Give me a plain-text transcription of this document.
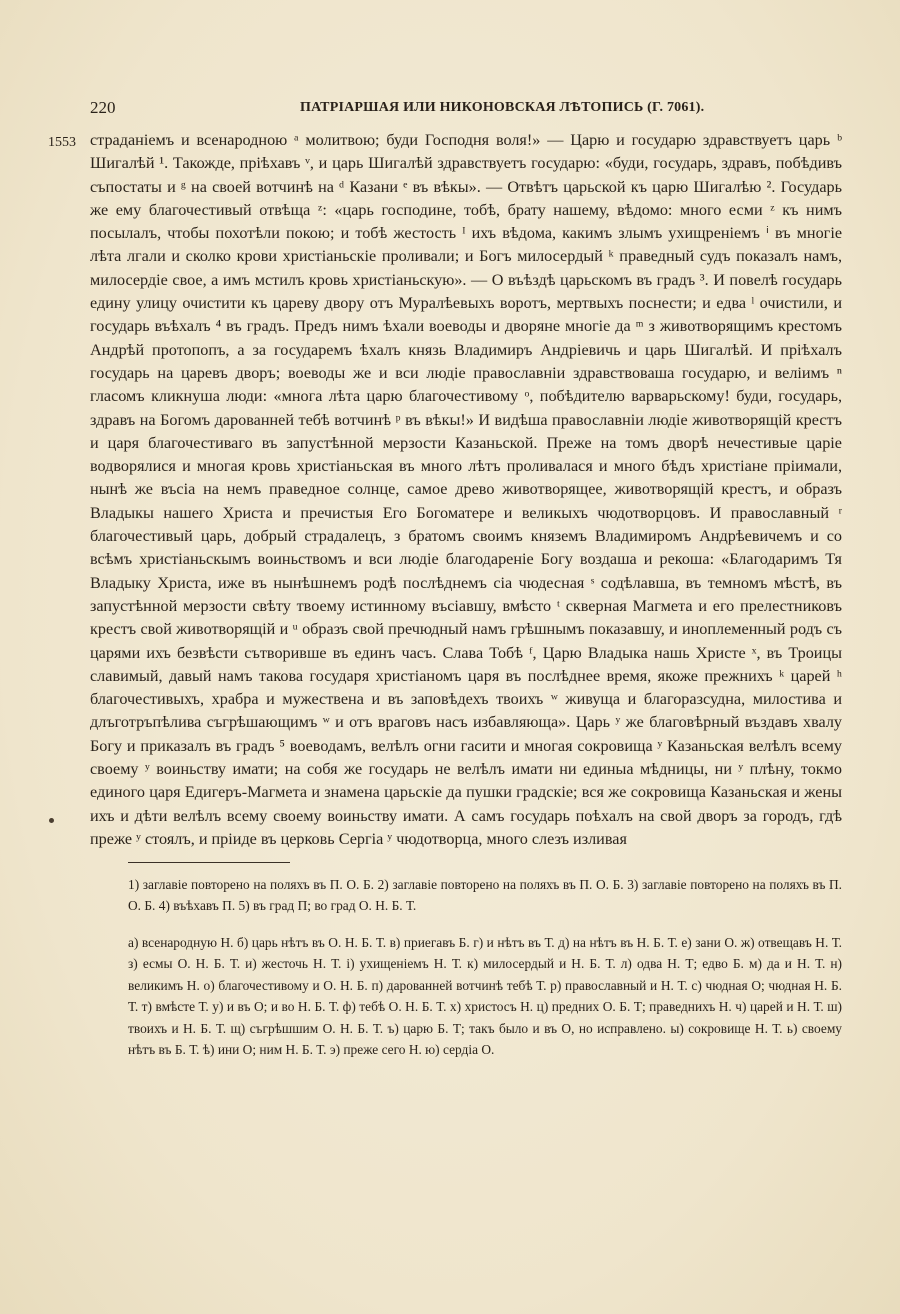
220	ПАТРІАРШАЯ ИЛИ НИКОНОВСКАЯ ЛѢТОПИСЬ (Г. 7061).
1553 страданіемъ и всенародною ᵃ молитвою; буди Господня воля!» — Царю и государю здравствуетъ царь ᵇ Шигалѣй ¹. Такожде, пріѣхавъ ᵛ, и царь Шигалѣй здравствуетъ государю: «буди, государь, здравъ, побѣдивъ съпостаты и ᵍ на своей вотчинѣ на ᵈ Казани ᵉ въ вѣкы». — Отвѣтъ царьской къ царю Шигалѣю ². Государь же ему благочестивый отвѣща ᶻ: «царь господине, тобѣ, брату нашему, вѣдомо: много есми ᶻ къ нимъ посылалъ, чтобы похотѣли покою; и тобѣ жестость ᴵ ихъ вѣдома, какимъ злымъ ухищреніемъ ⁱ въ многіе лѣта лгали и сколко крови христіаньскіе проливали; и Богъ милосердый ᵏ праведный судъ показалъ намъ, милосердіе свое, а имъ мстилъ кровь христіаньскую». — О въѣздѣ царьскомъ въ градъ ³. И повелѣ государь едину улицу очистити къ цареву двору отъ Муралѣевыхъ воротъ, мертвыхъ поснести; и едва ˡ очистили, и государь въѣхалъ ⁴ въ градъ. Предъ нимъ ѣхали воеводы и дворяне многіе да ᵐ з животворящимъ крестомъ Андрѣй протопопъ, а за государемъ ѣхалъ князь Владимиръ Андріевичь и царь Шигалѣй. И пріѣхалъ государь на царевъ дворъ; воеводы же и вси людіе православніи здравствоваша государю, и веліимъ ⁿ гласомъ кликнуша люди: «многа лѣта царю благочестивому ᵒ, побѣдителю варварьскому! буди, государь, здравъ на Богомъ дарованней тебѣ вотчинѣ ᵖ въ вѣкы!» И видѣша православніи людіе животворящій крестъ и царя благочестиваго въ запустѣнной мерзости Казаньской. Преже на томъ дворѣ нечестивые царіе водворялися и многая кровь христіаньская въ много лѣтъ проливалася и много бѣдъ христіане пріимали, нынѣ же въсіа на немъ праведное солнце, самое древо животворящее, животворящій крестъ, и образъ Владыкы нашего Христа и пречистыя Его Богоматере и великыхъ чюдотворцовъ. И православный ʳ благочестивый царь, добрый страдалецъ, з братомъ своимъ княземъ Владимиромъ Андрѣевичемъ и со всѣмъ христіаньскымъ воиньствомъ и вси людіе благодареніе Богу воздаша и рекоша: «Благодаримъ Тя Владыку Христа, иже въ нынѣшнемъ родѣ послѣднемъ сіа чюдесная ˢ содѣлавша, въ темномъ мѣстѣ, въ запустѣнной мерзости свѣту твоему истинному въсіавшу, вмѣсто ᵗ скверная Магмета и его прелестниковъ крестъ свой животворящій и ᵘ образъ свой пречюдный намъ грѣшнымъ показавшу, и иноплеменный родъ съ царями ихъ безвѣсти сътворивше въ единъ часъ. Слава Тобѣ ᶠ, Царю Владыка нашь Христе ˣ, въ Троицы славимый, давый намъ такова государя христіаномъ царя въ послѣднее время, якоже прежнихъ ᵏ царей ʰ благочестивыхъ, храбра и мужествена и въ заповѣдехъ твоихъ ʷ живуща и благоразсудна, милостива и длъготръпѣлива съгрѣшающимъ ʷ и отъ враговъ насъ избавляюща». Царь ʸ же благовѣрный въздавъ хвалу Богу и приказалъ въ градъ ⁵ воеводамъ, велѣлъ огни гасити и многая сокровища ʸ Казаньская велѣлъ всему своему ʸ воиньству имати; на собя же государь не велѣлъ имати ни единыа мѣдницы, ни ʸ плѣну, токмо единого царя Едигеръ-Магмета и знамена царьскіе да пушки градскіе; вся же сокровища Казаньская и жены ихъ и дѣти велѣлъ всему своему воиньству имати. А самъ государь поѣхалъ на свой дворъ за городъ, гдѣ преже ʸ стоялъ, и пріиде въ церковь Сергіа ʸ чюдотворца, много слезъ изливая

1) заглавіе повторено на поляхъ въ П. О. Б. 2) заглавіе повторено на поляхъ въ П. О. Б. 3) заглавіе повторено на поляхъ въ П. О. Б. 4) въѣхавъ П. 5) въ град П; во град О. Н. Б. Т.

а) всенародную Н. б) царь нѣтъ въ О. Н. Б. Т. в) приегавъ Б. г) и нѣтъ въ Т. д) на нѣтъ въ Н. Б. Т. е) зани О. ж) отвещавъ Н. Т. з) есмы О. Н. Б. Т. и) жесточь Н. Т. і) ухищеніемъ Н. Т. к) милосердый и Н. Б. Т. л) одва Н. Т; едво Б. м) да и Н. Т. н) великимъ Н. о) благочестивому и О. Н. Б. п) дарованней вотчинѣ тебѣ Т. р) православный и Н. Т. с) чюдная О; чюдная Н. Б. Т. т) вмѣсте Т. у) и въ О; и во Н. Б. Т. ф) тебѣ О. Н. Б. Т. х) христосъ Н. ц) предних О. Б. Т; праведнихъ Н. ч) царей и Н. Т. ш) твоихъ и Н. Б. Т. щ) съгрѣшшим О. Н. Б. Т. ъ) царю Б. Т; такъ было и въ О, но исправлено. ы) сокровище Н. Т. ь) своему нѣтъ въ Б. Т. ѣ) ини О; ним Н. Б. Т. э) преже сего Н. ю) сердіа О.
